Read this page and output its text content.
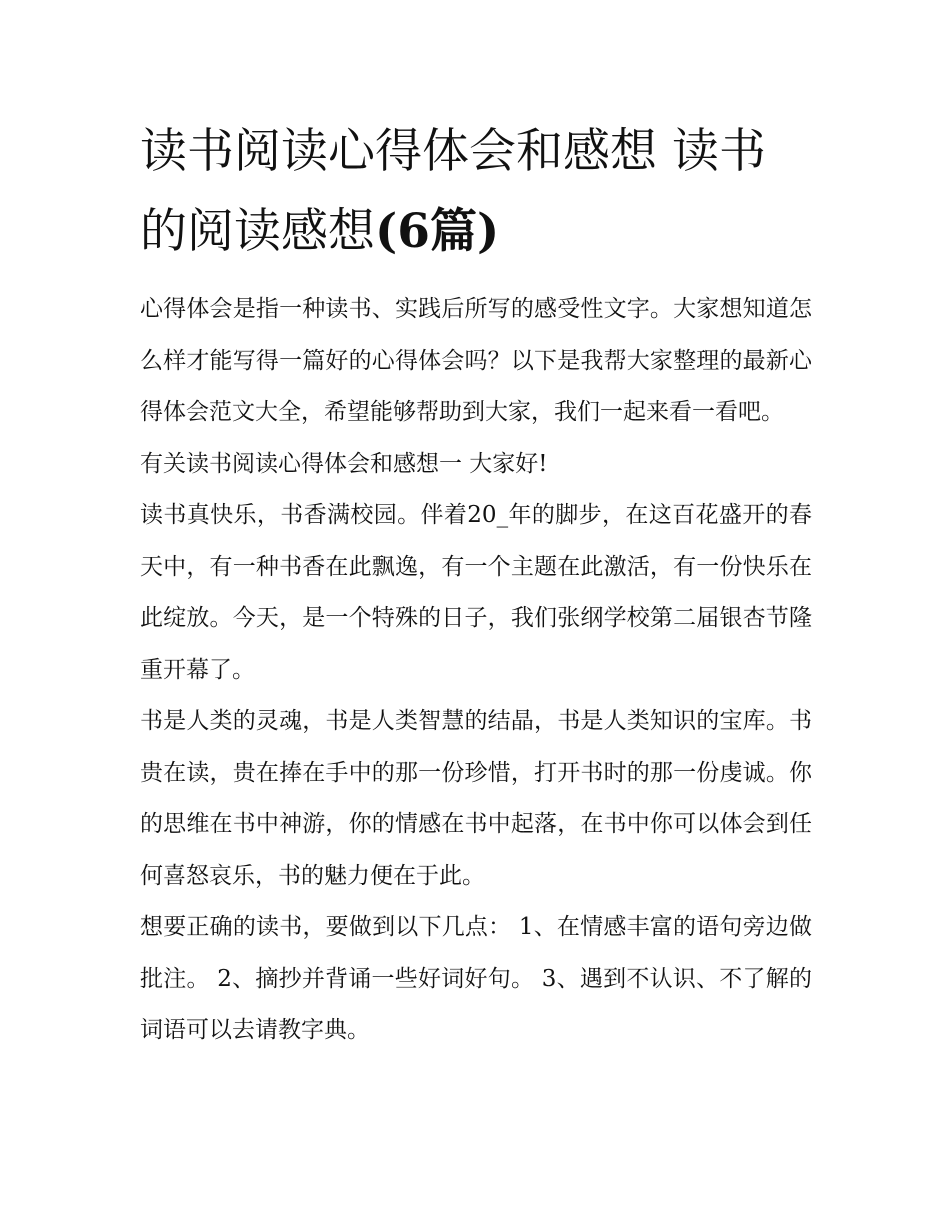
读书阅读心得体会和感想 读书的阅读感想(6篇)

心得体会是指一种读书、实践后所写的感受性文字。大家想知道怎么样才能写得一篇好的心得体会吗？以下是我帮大家整理的最新心得体会范文大全，希望能够帮助到大家，我们一起来看一看吧。

有关读书阅读心得体会和感想一 大家好!

读书真快乐，书香满校园。伴着20_年的脚步，在这百花盛开的春天中，有一种书香在此飘逸，有一个主题在此激活，有一份快乐在此绽放。今天，是一个特殊的日子，我们张纲学校第二届银杏节隆重开幕了。

书是人类的灵魂，书是人类智慧的结晶，书是人类知识的宝库。书贵在读，贵在捧在手中的那一份珍惜，打开书时的那一份虔诚。你的思维在书中神游，你的情感在书中起落，在书中你可以体会到任何喜怒哀乐，书的魅力便在于此。

想要正确的读书，要做到以下几点： 1、在情感丰富的语句旁边做批注。 2、摘抄并背诵一些好词好句。 3、遇到不认识、不了解的词语可以去请教字典。
